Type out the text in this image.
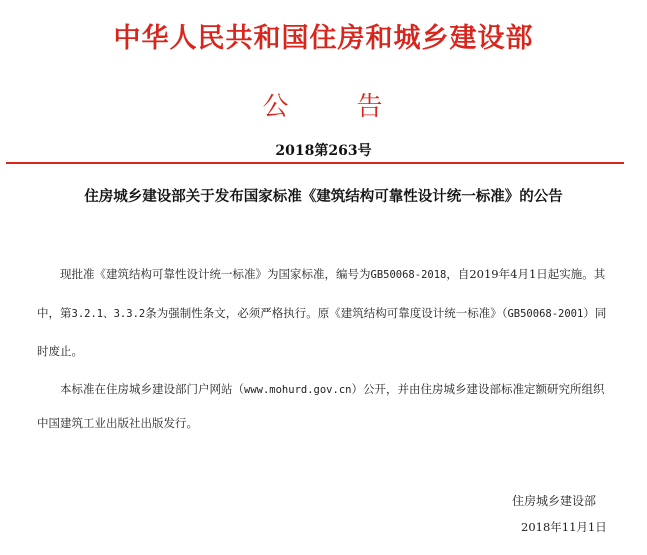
中华人民共和国住房和城乡建设部
公	告
2018第263号
住房城乡建设部关于发布国家标准《建筑结构可靠性设计统一标准》的公告
现批准《建筑结构可靠性设计统一标准》为国家标准，编号为GB50068-2018，自2019年4月1日起实施。其
中，第3.2.1、3.3.2条为强制性条文，必须严格执行。原《建筑结构可靠度设计统一标准》（GB50068-2001）同
时废止。
本标准在住房城乡建设部门户网站（www.mohurd.gov.cn）公开，并由住房城乡建设部标准定额研究所组织
中国建筑工业出版社出版发行。
住房城乡建设部
2018年11月1日
